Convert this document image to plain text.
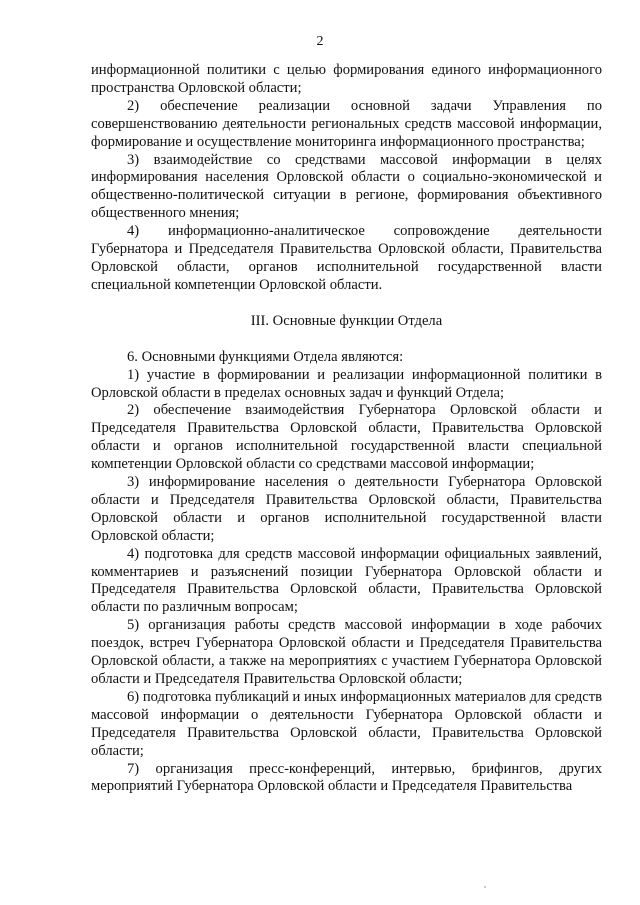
2

информационной политики с целью формирования единого информационного пространства Орловской области;

2) обеспечение реализации основной задачи Управления по совершенствованию деятельности региональных средств массовой информации, формирование и осуществление мониторинга информационного пространства;

3) взаимодействие со средствами массовой информации в целях информирования населения Орловской области о социально-экономической и общественно-политической ситуации в регионе, формирования объективного общественного мнения;

4) информационно-аналитическое сопровождение деятельности Губернатора и Председателя Правительства Орловской области, Правительства Орловской области, органов исполнительной государственной власти специальной компетенции Орловской области.

III. Основные функции Отдела

6. Основными функциями Отдела являются:

1) участие в формировании и реализации информационной политики в Орловской области в пределах основных задач и функций Отдела;

2) обеспечение взаимодействия Губернатора Орловской области и Председателя Правительства Орловской области, Правительства Орловской области и органов исполнительной государственной власти специальной компетенции Орловской области со средствами массовой информации;

3) информирование населения о деятельности Губернатора Орловской области и Председателя Правительства Орловской области, Правительства Орловской области и органов исполнительной государственной власти Орловской области;

4) подготовка для средств массовой информации официальных заявлений, комментариев и разъяснений позиции Губернатора Орловской области и Председателя Правительства Орловской области, Правительства Орловской области по различным вопросам;

5) организация работы средств массовой информации в ходе рабочих поездок, встреч Губернатора Орловской области и Председателя Правительства Орловской области, а также на мероприятиях с участием Губернатора Орловской области и Председателя Правительства Орловской области;

6) подготовка публикаций и иных информационных материалов для средств массовой информации о деятельности Губернатора Орловской области и Председателя Правительства Орловской области, Правительства Орловской области;

7) организация пресс-конференций, интервью, брифингов, других мероприятий Губернатора Орловской области и Председателя Правительства
